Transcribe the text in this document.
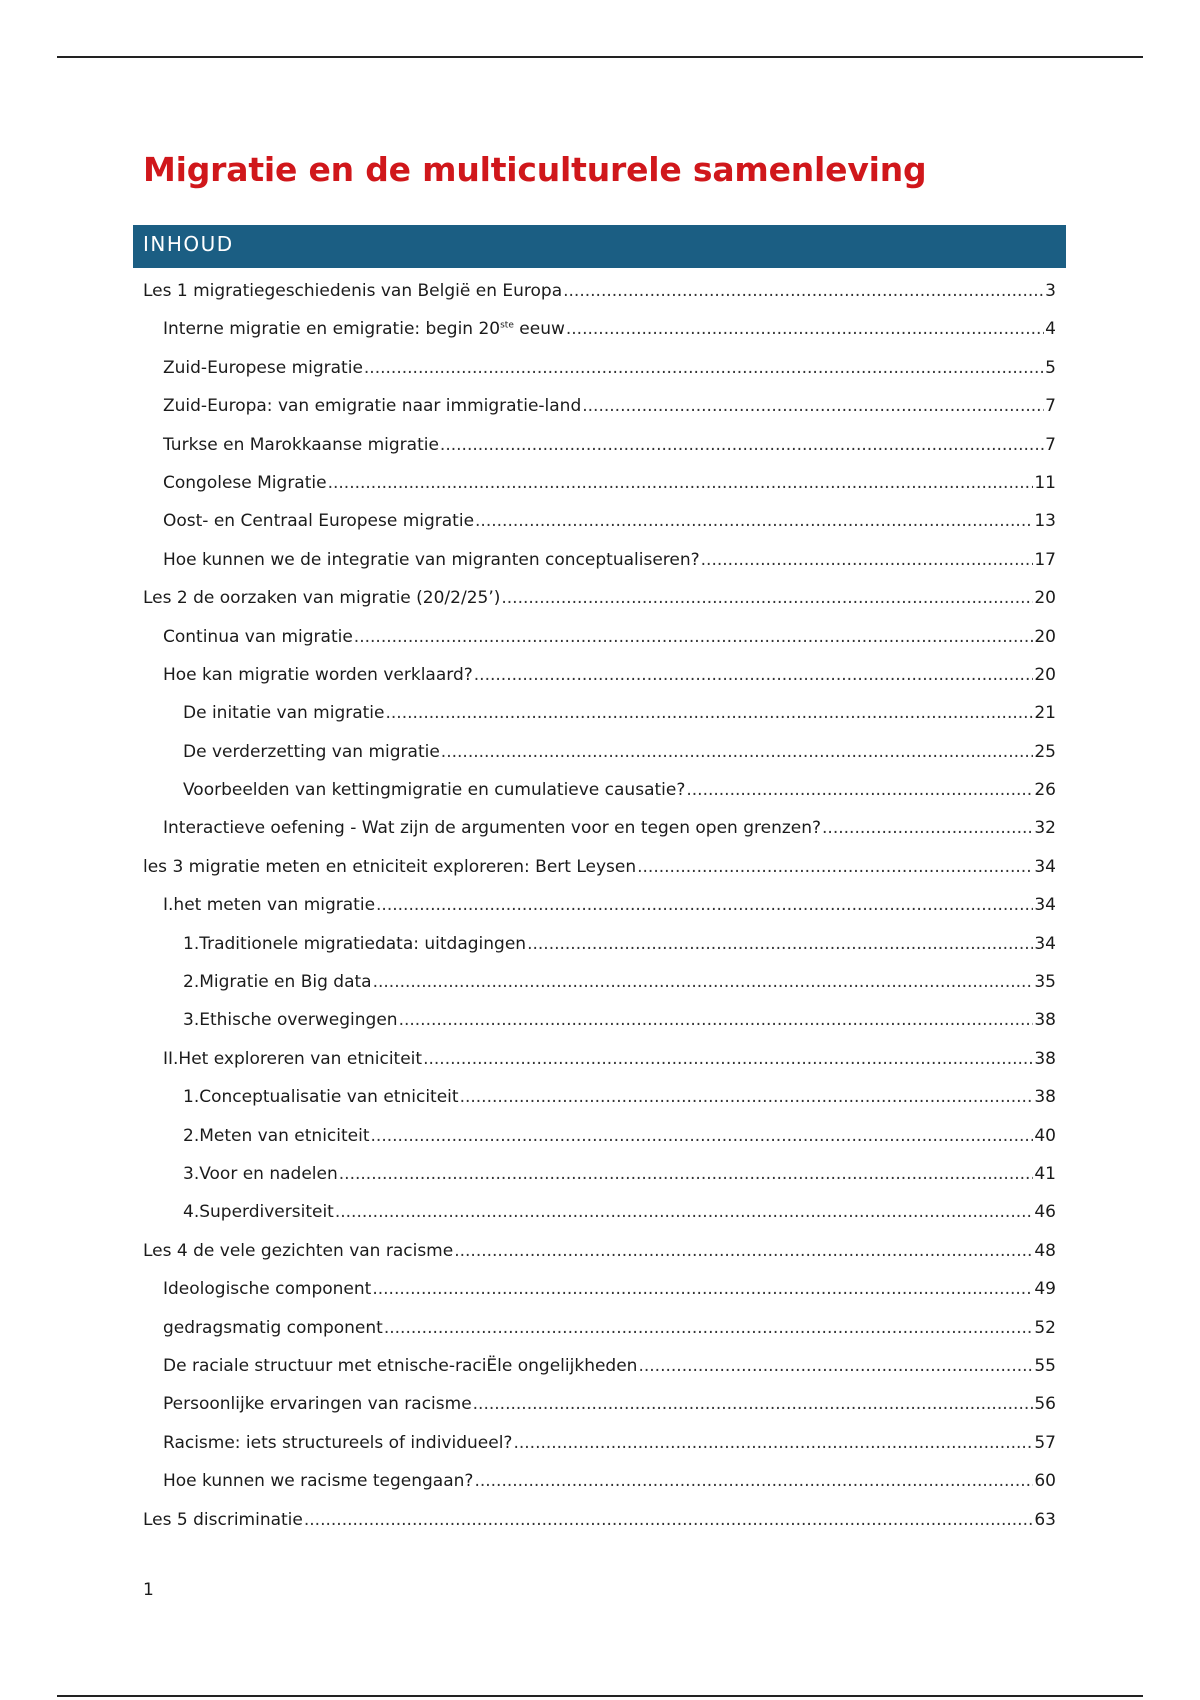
Migratie en de multiculturele samenleving
INHOUD
Les 1 migratiegeschiedenis van België en Europa .....	3
Interne migratie en emigratie: begin 20ste eeuw .....	4
Zuid-Europese migratie .....	5
Zuid-Europa: van emigratie naar immigratie-land .....	7
Turkse en Marokkaanse migratie .....	7
Congolese Migratie .....	11
Oost- en Centraal Europese migratie .....	13
Hoe kunnen we de integratie van migranten conceptualiseren? .....	17
Les 2 de oorzaken van migratie (20/2/25’) .....	20
Continua van migratie .....	20
Hoe kan migratie worden verklaard? .....	20
De initatie van migratie .....	21
De verderzetting van migratie .....	25
Voorbeelden van kettingmigratie en cumulatieve causatie? .....	26
Interactieve oefening - Wat zijn de argumenten voor en tegen open grenzen? .....	32
les 3 migratie meten en etniciteit exploreren: Bert Leysen .....	34
I.het meten van migratie .....	34
1.Traditionele migratiedata: uitdagingen .....	34
2.Migratie en Big data .....	35
3.Ethische overwegingen .....	38
II.Het exploreren van etniciteit .....	38
1.Conceptualisatie van etniciteit .....	38
2.Meten van etniciteit .....	40
3.Voor en nadelen .....	41
4.Superdiversiteit .....	46
Les 4 de vele gezichten van racisme .....	48
Ideologische component .....	49
gedragsmatig component .....	52
De raciale structuur met etnische-raciËle ongelijkheden .....	55
Persoonlijke ervaringen van racisme .....	56
Racisme: iets structureels of individueel? .....	57
Hoe kunnen we racisme tegengaan? .....	60
Les 5 discriminatie .....	63
1
